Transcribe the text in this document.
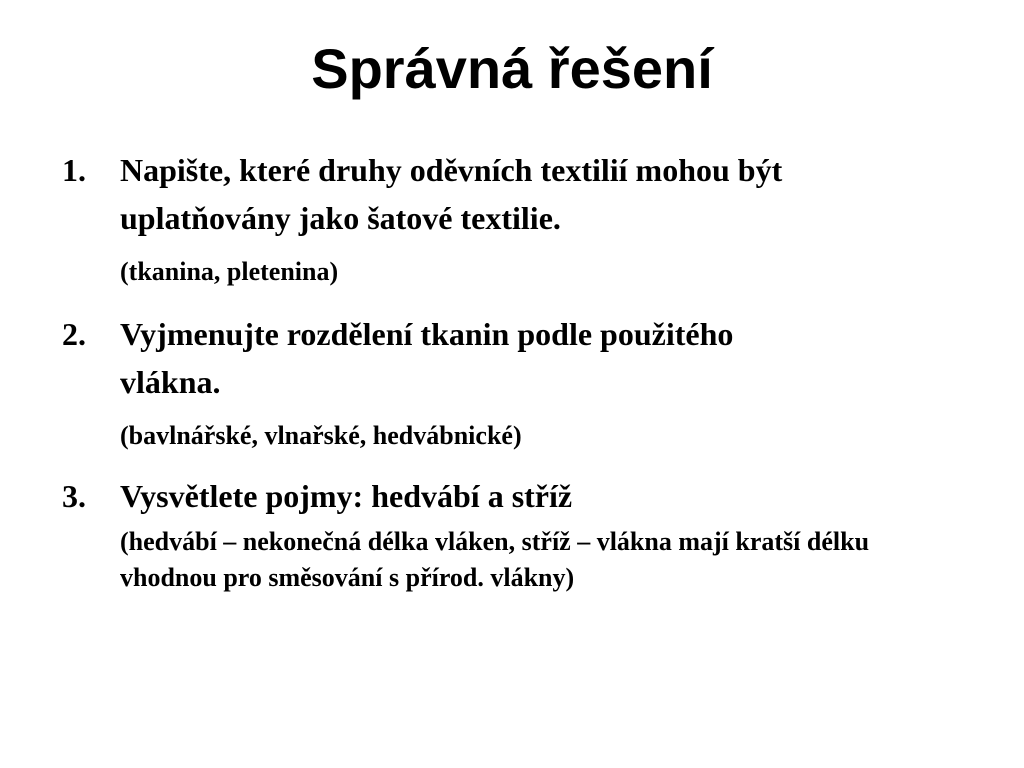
Správná řešení
1. Napište, které druhy oděvních textilií mohou být
uplatňovány jako šatové textilie.
(tkanina, pletenina)
2. Vyjmenujte rozdělení tkanin podle použitého
vlákna.
(bavlnářské, vlnařské, hedvábnické)
3. Vysvětlete pojmy: hedvábí a stříž
(hedvábí – nekonečná délka vláken, stříž – vlákna mají kratší délku vhodnou pro směsování s přírod. vlákny)
